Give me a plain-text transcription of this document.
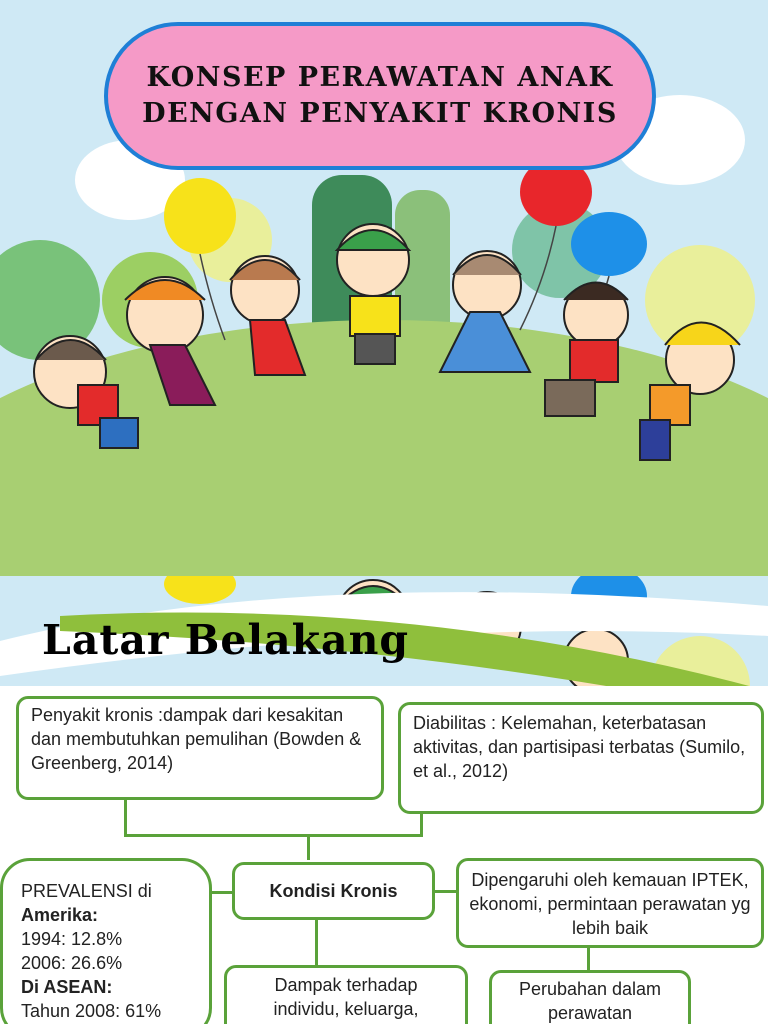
KONSEP PERAWATAN ANAK
DENGAN PENYAKIT KRONIS
Latar Belakang
Penyakit kronis :dampak dari kesakitan dan membutuhkan pemulihan (Bowden & Greenberg, 2014)
Diabilitas : Kelemahan, keterbatasan aktivitas, dan partisipasi terbatas (Sumilo, et al., 2012)
PREVALENSI di
Amerika:
1994: 12.8%
2006: 26.6%
Di ASEAN:
Tahun 2008: 61%
Kondisi Kronis
Dipengaruhi oleh kemauan IPTEK, ekonomi, permintaan perawatan yg lebih baik
Dampak terhadap individu, keluarga,
Perubahan dalam perawatan
